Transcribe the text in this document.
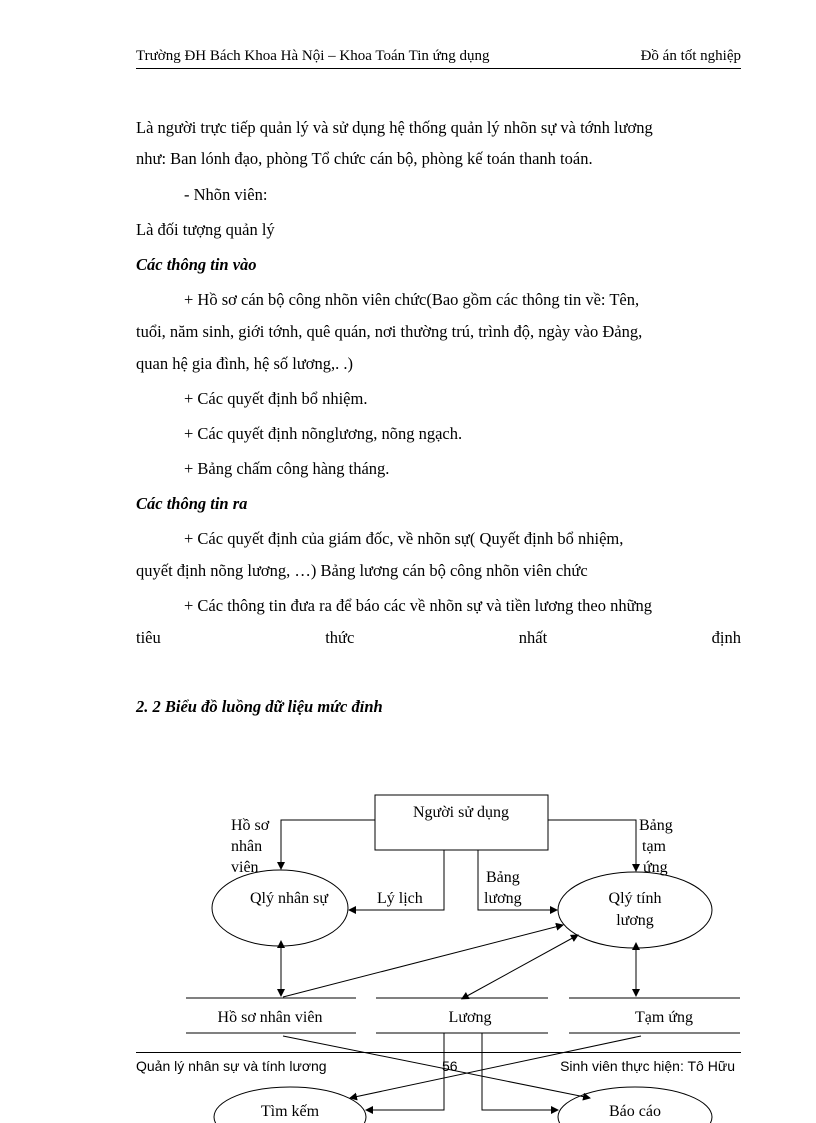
Trường ĐH Bách Khoa Hà Nội – Khoa Toán Tin ứng dụng	Đồ án tốt nghiệp
Là người trực tiếp quản lý và sử dụng hệ thống quản lý nhõn sự và tớnh lương
như: Ban lónh đạo, phòng Tổ chức cán bộ, phòng kế toán thanh toán.
- Nhõn viên:
Là đối tượng quản lý
Các thông tin vào
+ Hồ sơ cán bộ công nhõn viên chức(Bao gồm các thông tin về: Tên,
tuổi, năm sinh, giới tớnh, quê quán, nơi thường trú, trình độ, ngày vào Đảng,
quan hệ gia đình, hệ số lương,. .)
+ Các quyết định bổ nhiệm.
+ Các quyết định nõnglương, nõng ngạch.
+ Bảng chấm công hàng tháng.
Các thông tin ra
+ Các quyết định của giám đốc, về nhõn sự( Quyết định bổ nhiệm,
quyết định nõng lương, …) Bảng lương cán bộ công nhõn viên chức
+ Các thông tin đưa ra để báo các về nhõn sự và tiền lương theo những
tiêu	thức	nhất	định
2. 2 Biểu đồ luồng dữ liệu mức đỉnh
Người sử dụng
Qlý nhân sự	Qlý tính
lương
Tìm kếm	Báo cáo
Hồ sơ
nhân
viên
Bảng
tạm
ứng
Lý lịch
Bảng
lương
Hồ sơ nhân viên	Lương	Tạm ứng
Quản lý nhân sự và tính lương	56	Sinh viên thực hiện: Tô Hữu
